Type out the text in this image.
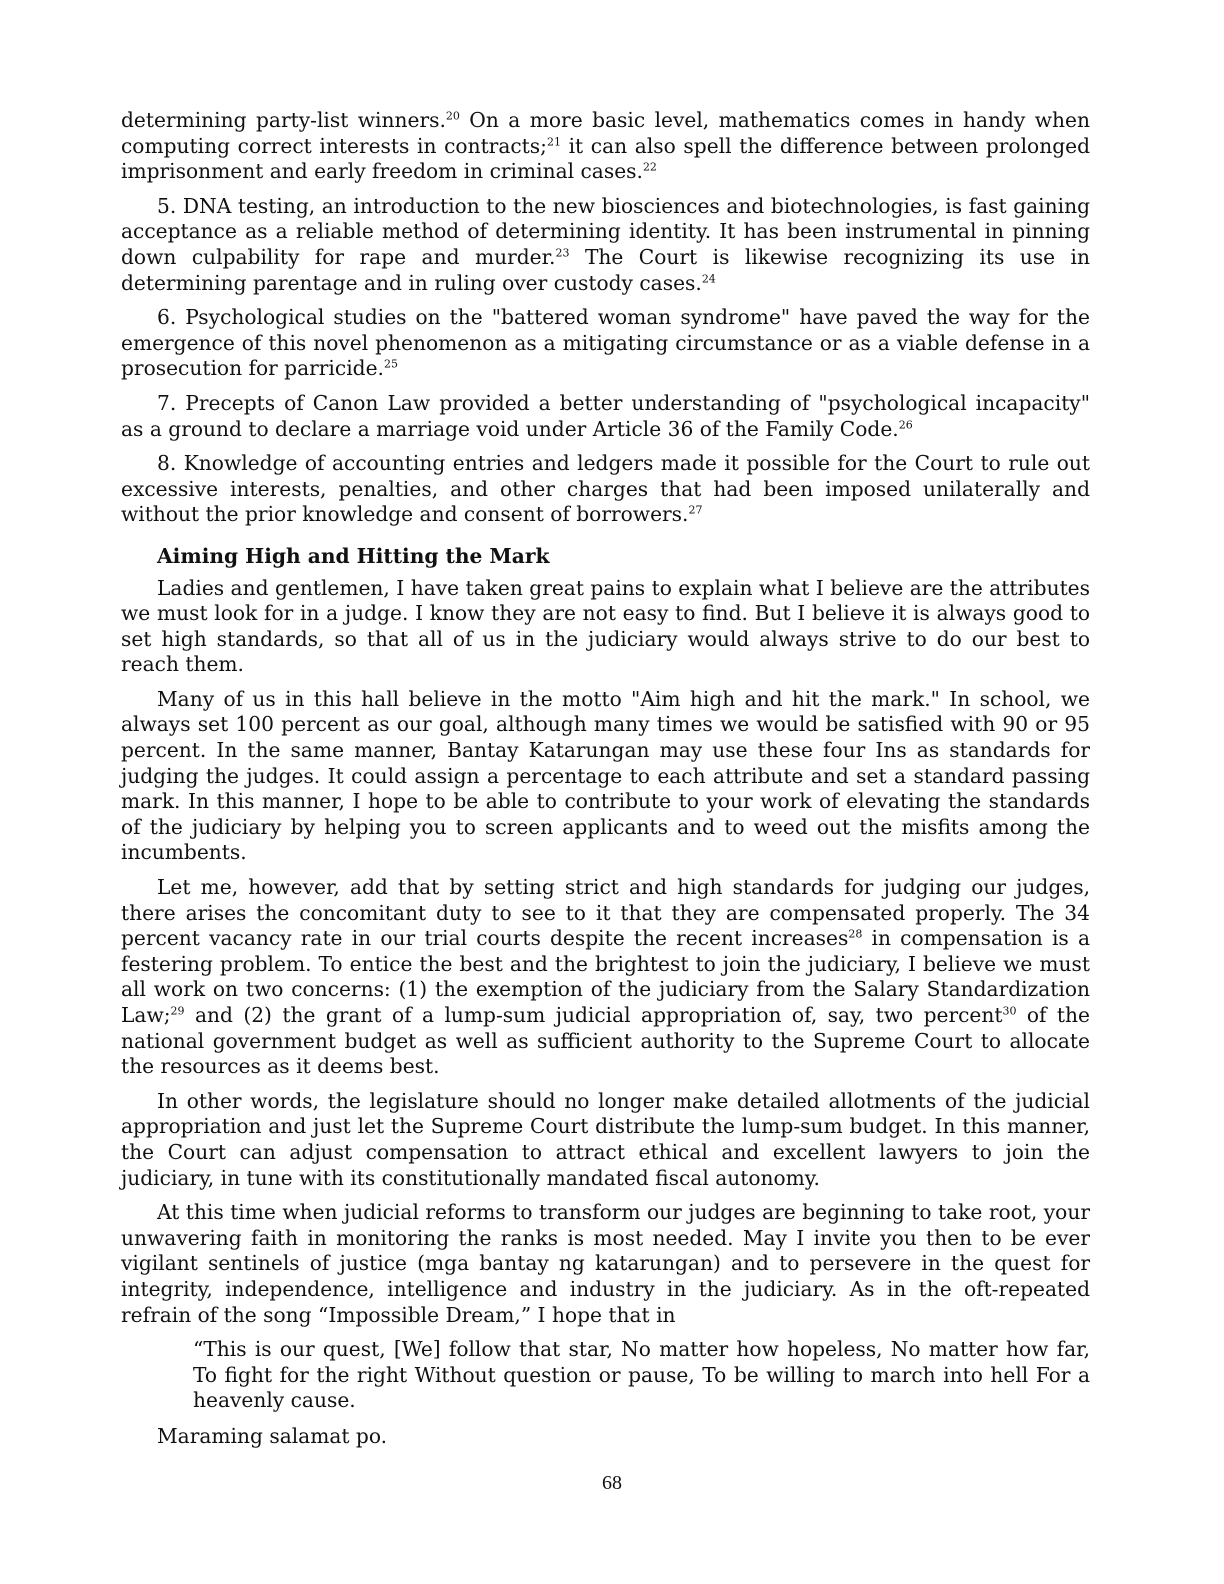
determining party-list winners.$^{20}$ On a more basic level, mathematics comes in handy when computing correct interests in contracts;$^{21}$ it can also spell the difference between prolonged imprisonment and early freedom in criminal cases.$^{22}$

5. DNA testing, an introduction to the new biosciences and biotechnologies, is fast gaining acceptance as a reliable method of determining identity. It has been instrumental in pinning down culpability for rape and murder.$^{23}$ The Court is likewise recognizing its use in determining parentage and in ruling over custody cases.$^{24}$

6. Psychological studies on the "battered woman syndrome" have paved the way for the emergence of this novel phenomenon as a mitigating circumstance or as a viable defense in a prosecution for parricide.$^{25}$

7. Precepts of Canon Law provided a better understanding of "psychological incapacity" as a ground to declare a marriage void under Article 36 of the Family Code.$^{26}$

8. Knowledge of accounting entries and ledgers made it possible for the Court to rule out excessive interests, penalties, and other charges that had been imposed unilaterally and without the prior knowledge and consent of borrowers.$^{27}$

Aiming High and Hitting the Mark

Ladies and gentlemen, I have taken great pains to explain what I believe are the attributes we must look for in a judge. I know they are not easy to find. But I believe it is always good to set high standards, so that all of us in the judiciary would always strive to do our best to reach them.

Many of us in this hall believe in the motto "Aim high and hit the mark." In school, we always set 100 percent as our goal, although many times we would be satisfied with 90 or 95 percent. In the same manner, Bantay Katarungan may use these four Ins as standards for judging the judges. It could assign a percentage to each attribute and set a standard passing mark. In this manner, I hope to be able to contribute to your work of elevating the standards of the judiciary by helping you to screen applicants and to weed out the misfits among the incumbents.

Let me, however, add that by setting strict and high standards for judging our judges, there arises the concomitant duty to see to it that they are compensated properly. The 34 percent vacancy rate in our trial courts despite the recent increases$^{28}$ in compensation is a festering problem. To entice the best and the brightest to join the judiciary, I believe we must all work on two concerns: (1) the exemption of the judiciary from the Salary Standardization Law;$^{29}$ and (2) the grant of a lump-sum judicial appropriation of, say, two percent$^{30}$ of the national government budget as well as sufficient authority to the Supreme Court to allocate the resources as it deems best.

In other words, the legislature should no longer make detailed allotments of the judicial appropriation and just let the Supreme Court distribute the lump-sum budget. In this manner, the Court can adjust compensation to attract ethical and excellent lawyers to join the judiciary, in tune with its constitutionally mandated fiscal autonomy.

At this time when judicial reforms to transform our judges are beginning to take root, your unwavering faith in monitoring the ranks is most needed. May I invite you then to be ever vigilant sentinels of justice (mga bantay ng katarungan) and to persevere in the quest for integrity, independence, intelligence and industry in the judiciary. As in the oft-repeated refrain of the song “Impossible Dream,” I hope that in

“This is our quest, [We] follow that star, No matter how hopeless, No matter how far, To fight for the right Without question or pause, To be willing to march into hell For a heavenly cause.

Maraming salamat po.

68
